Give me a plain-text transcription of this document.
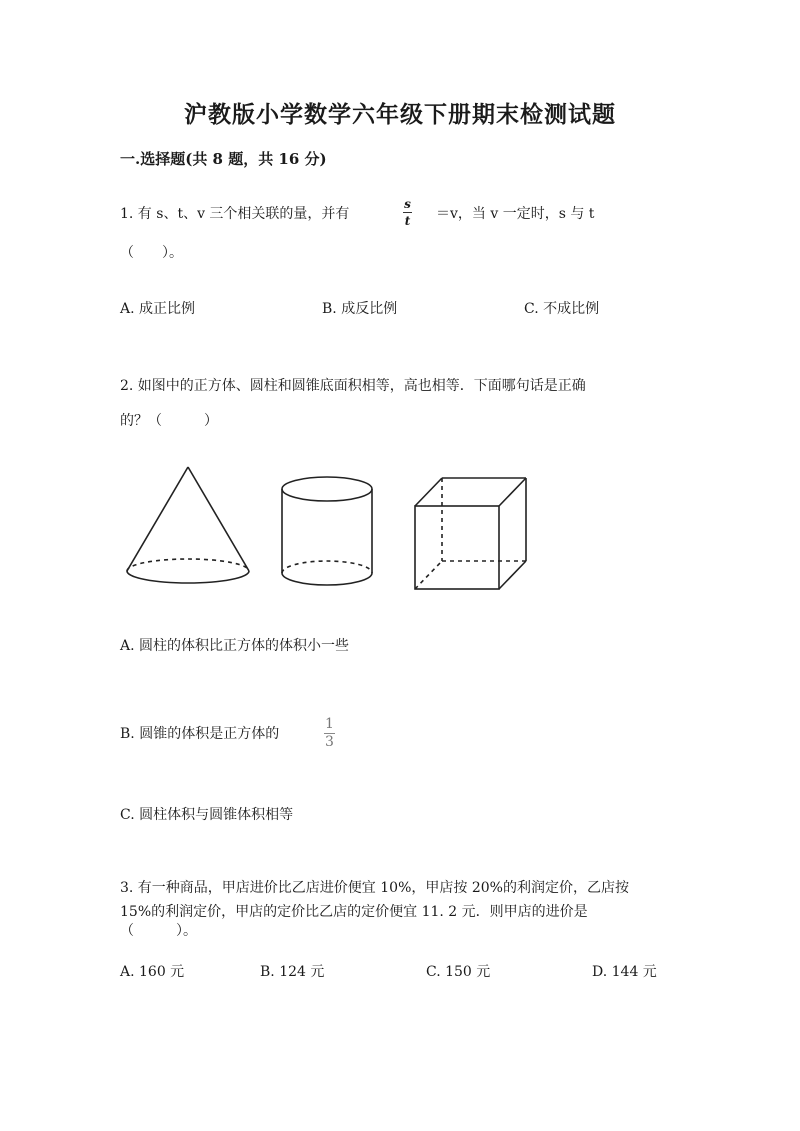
沪教版小学数学六年级下册期末检测试题
一.选择题(共 8 题，共 16 分)
1. 有 s、t、v 三个相关联的量，并有
s
t ＝v，当 v 一定时，s 与 t
（　　）。
A. 成正比例	B. 成反比例	C. 不成比例
2. 如图中的正方体、圆柱和圆锥底面积相等，高也相等．下面哪句话是正确
的？（　　　）
A. 圆柱的体积比正方体的体积小一些
B. 圆锥的体积是正方体的
1
3
C. 圆柱体积与圆锥体积相等
3. 有一种商品，甲店进价比乙店进价便宜 10%，甲店按 20%的利润定价，乙店按
15%的利润定价，甲店的定价比乙店的定价便宜 11. 2 元．则甲店的进价是
（　　　）。
A. 160 元	B. 124 元	C. 150 元	D. 144 元
